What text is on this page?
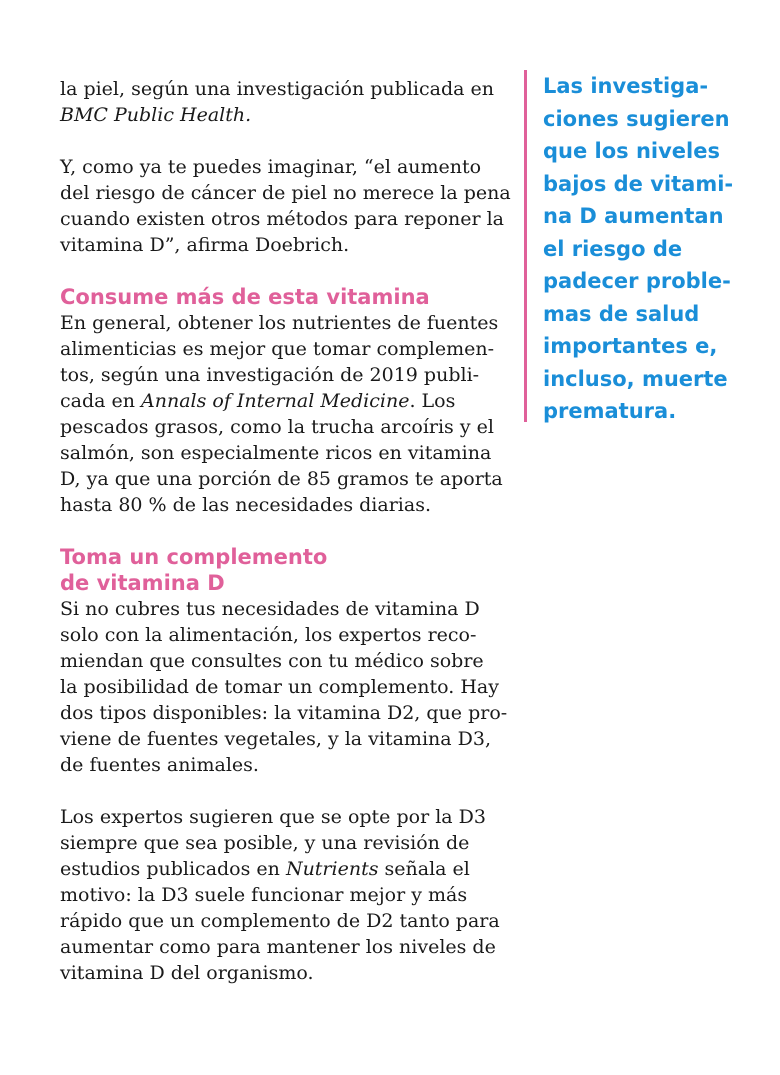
la piel, según una investigación publicada en
BMC Public Health.

Y, como ya te puedes imaginar, “el aumento
del riesgo de cáncer de piel no merece la pena
cuando existen otros métodos para reponer la
vitamina D”, afirma Doebrich.

Consume más de esta vitamina

En general, obtener los nutrientes de fuentes
alimenticias es mejor que tomar complemen-
tos, según una investigación de 2019 publi-
cada en Annals of Internal Medicine. Los
pescados grasos, como la trucha arcoíris y el
salmón, son especialmente ricos en vitamina
D, ya que una porción de 85 gramos te aporta
hasta 80 % de las necesidades diarias.

Toma un complemento
de vitamina D

Si no cubres tus necesidades de vitamina D
solo con la alimentación, los expertos reco-
miendan que consultes con tu médico sobre
la posibilidad de tomar un complemento. Hay
dos tipos disponibles: la vitamina D2, que pro-
viene de fuentes vegetales, y la vitamina D3,
de fuentes animales.

Los expertos sugieren que se opte por la D3
siempre que sea posible, y una revisión de
estudios publicados en Nutrients señala el
motivo: la D3 suele funcionar mejor y más
rápido que un complemento de D2 tanto para
aumentar como para mantener los niveles de
vitamina D del organismo.

Las investiga-
ciones sugieren
que los niveles
bajos de vitami-
na D aumentan
el riesgo de
padecer proble-
mas de salud
importantes e,
incluso, muerte
prematura.
